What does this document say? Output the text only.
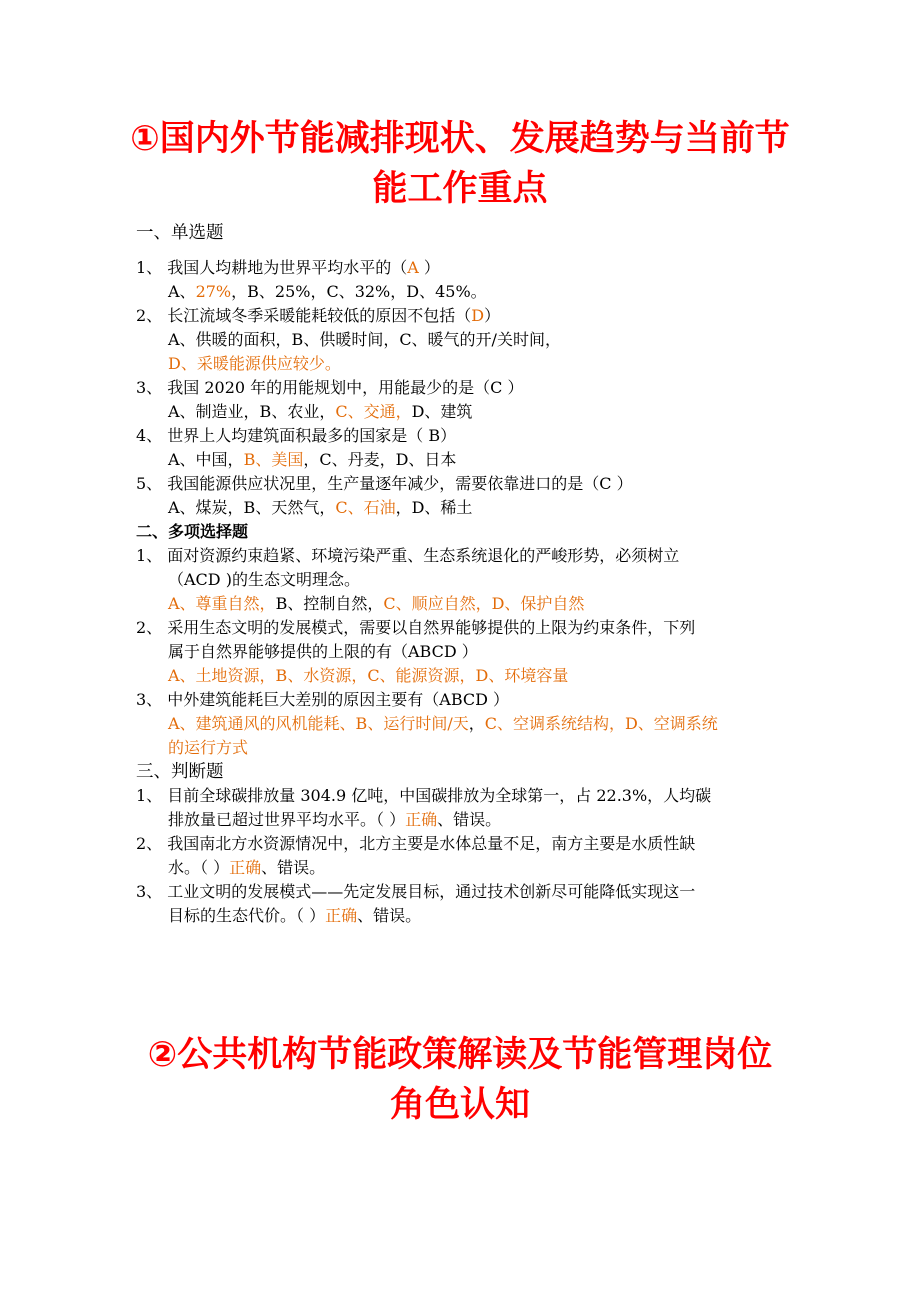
①国内外节能减排现状、发展趋势与当前节
能工作重点

一、单选题

1、 我国人均耕地为世界平均水平的（A ）

A、27%，B、25%，C、32%，D、45%。

2、 长江流域冬季采暖能耗较低的原因不包括（D）

A、供暖的面积，B、供暖时间，C、暖气的开/关时间，

D、采暖能源供应较少。

3、 我国 2020 年的用能规划中，用能最少的是（C ）

A、制造业，B、农业，C、交通，D、建筑

4、 世界上人均建筑面积最多的国家是（ B）

A、中国，B、美国，C、丹麦，D、日本

5、 我国能源供应状况里，生产量逐年减少，需要依靠进口的是（C ）

A、煤炭，B、天然气，C、石油，D、稀土

二、多项选择题

1、 面对资源约束趋紧、环境污染严重、生态系统退化的严峻形势，必须树立

（ACD )的生态文明理念。

A、尊重自然，B、控制自然，C、顺应自然，D、保护自然

2、 采用生态文明的发展模式，需要以自然界能够提供的上限为约束条件，下列

属于自然界能够提供的上限的有（ABCD ）

A、土地资源，B、水资源，C、能源资源，D、环境容量

3、 中外建筑能耗巨大差别的原因主要有（ABCD ）

A、建筑通风的风机能耗、B、运行时间/天，C、空调系统结构，D、空调系统

的运行方式

三、判断题

1、 目前全球碳排放量 304.9 亿吨，中国碳排放为全球第一，占 22.3%，人均碳

排放量已超过世界平均水平。（ ）正确、错误。

2、 我国南北方水资源情况中，北方主要是水体总量不足，南方主要是水质性缺

水。（ ）正确、错误。

3、 工业文明的发展模式——先定发展目标，通过技术创新尽可能降低实现这一

目标的生态代价。（ ）正确、错误。

②公共机构节能政策解读及节能管理岗位
角色认知
